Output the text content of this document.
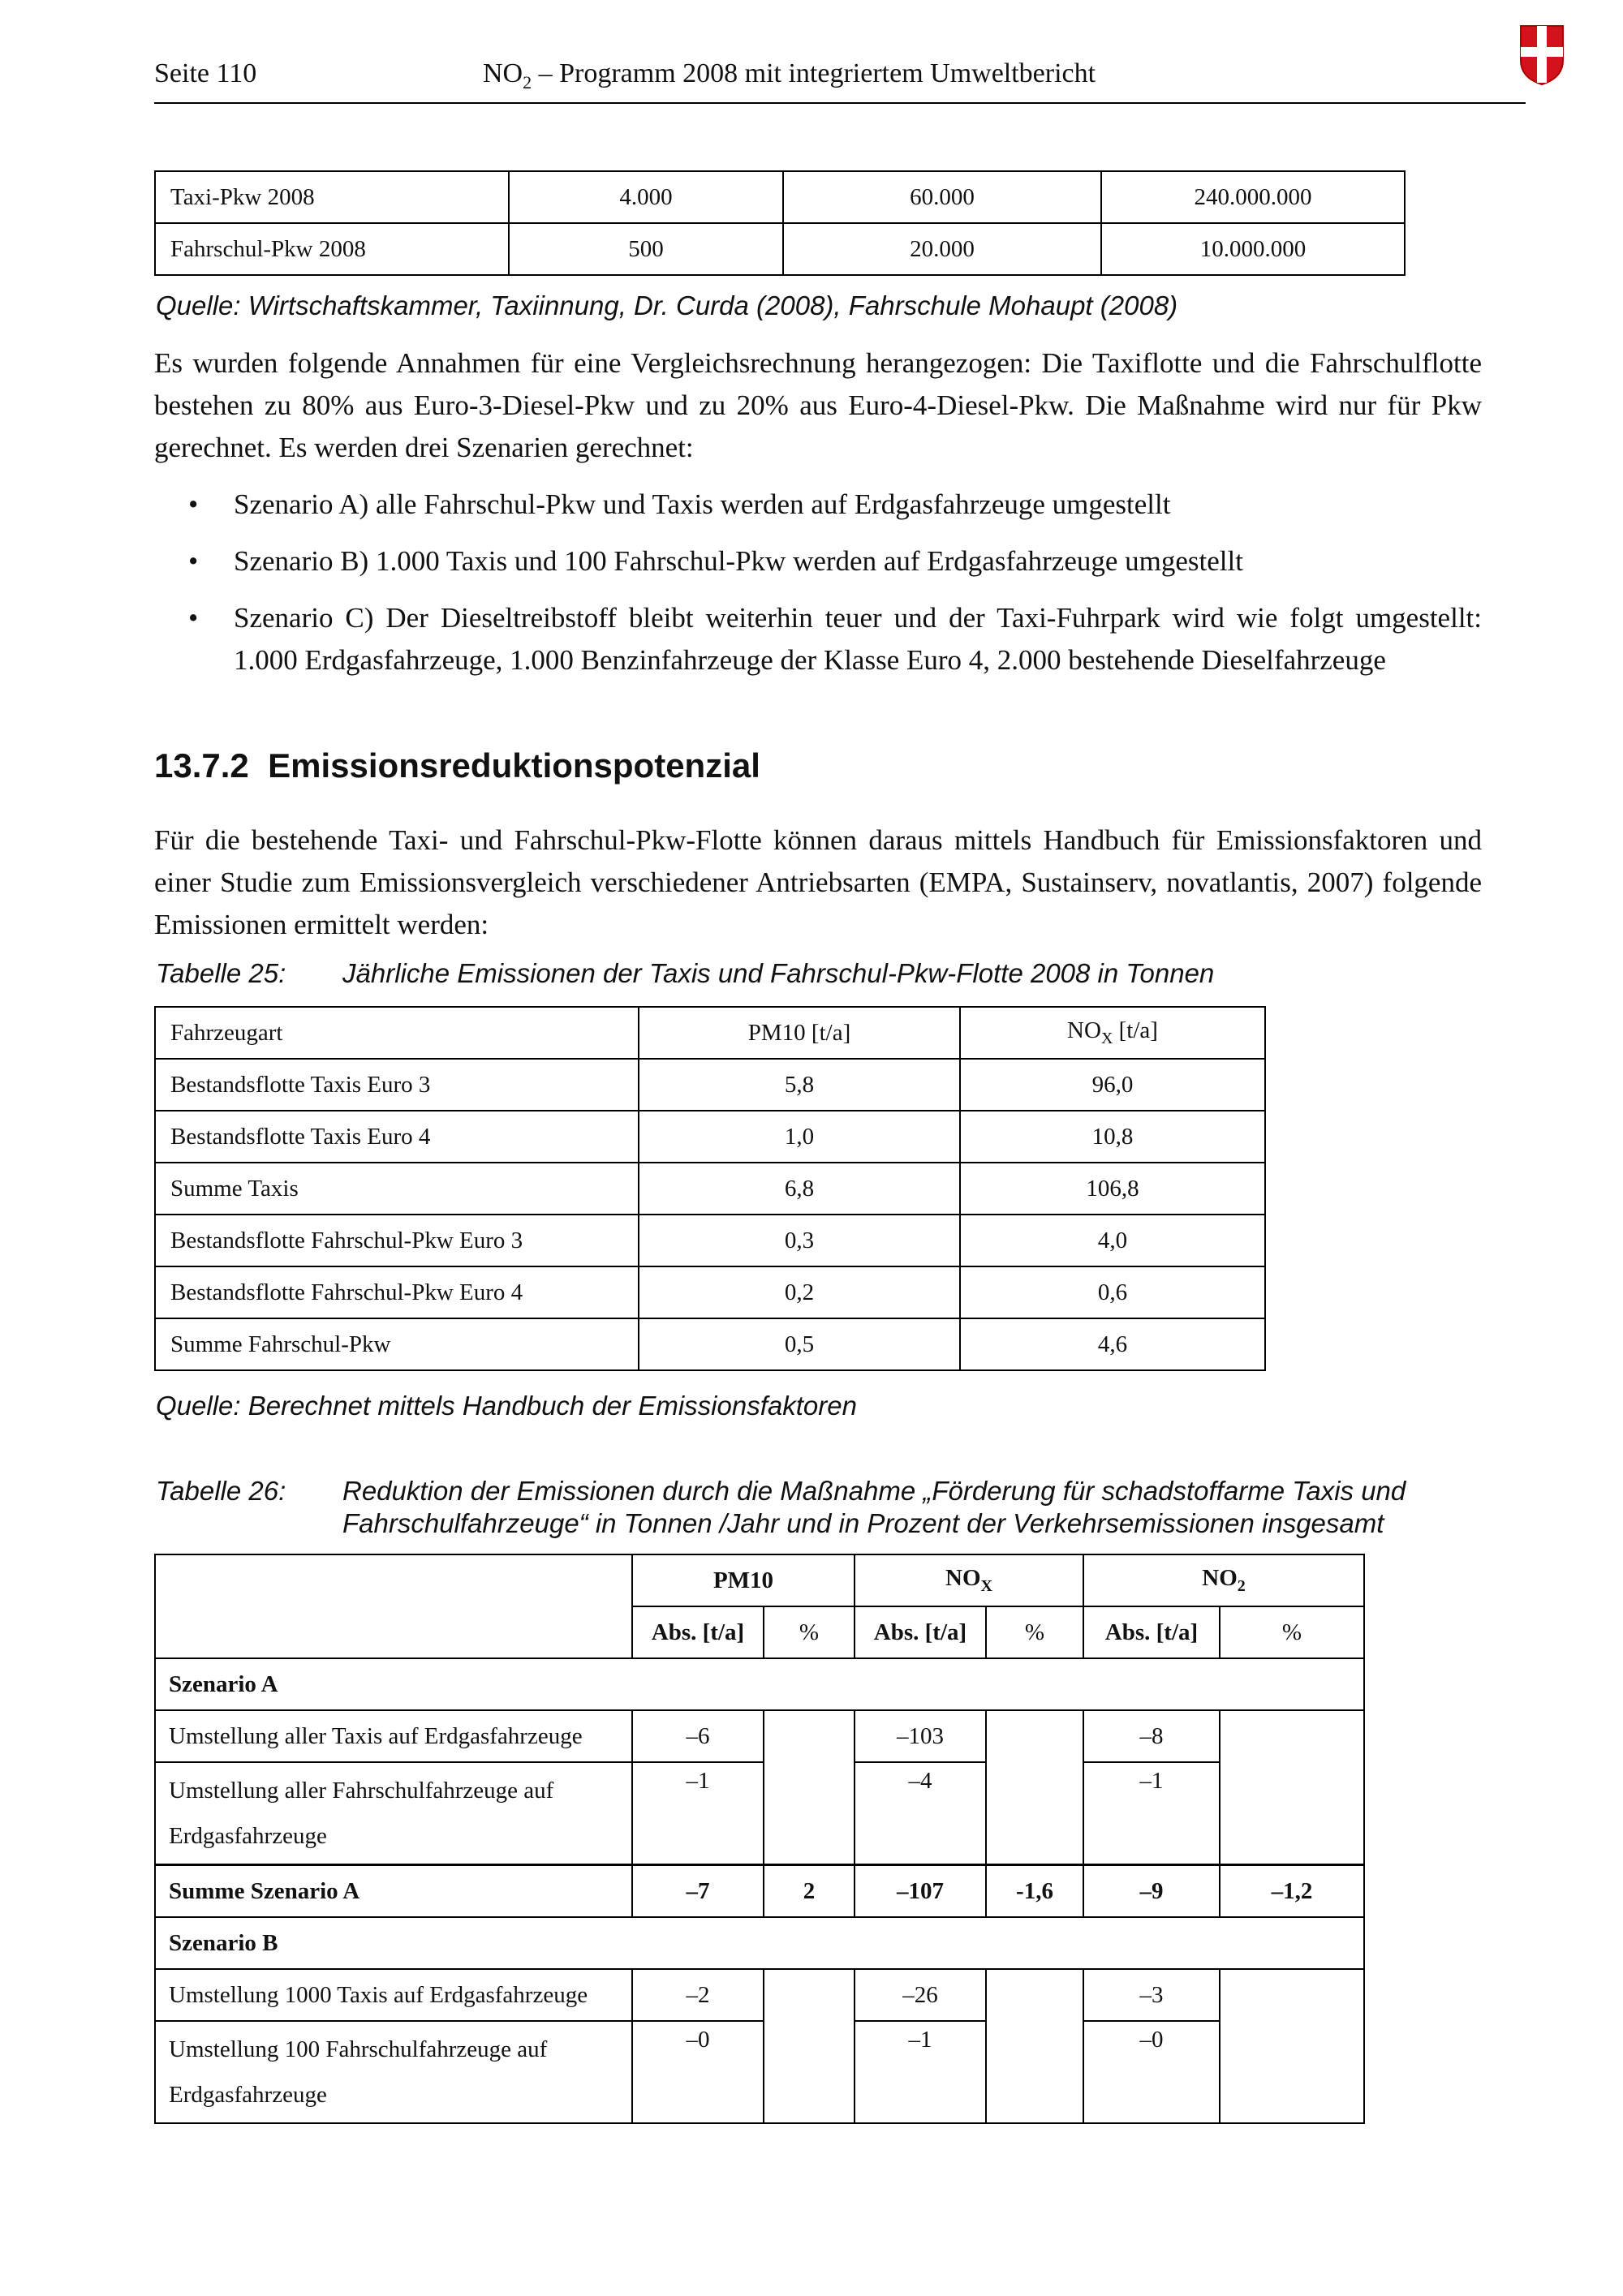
Seite 110	$NO_2$ – Programm 2008 mit integriertem Umweltbericht
Taxi-Pkw 2008	4.000	60.000	240.000.000
Fahrschul-Pkw 2008	500	20.000	10.000.000
Quelle: Wirtschaftskammer, Taxiinnung, Dr. Curda (2008), Fahrschule Mohaupt (2008)
Es wurden folgende Annahmen für eine Vergleichsrechnung herangezogen: Die Taxiflotte und die Fahrschulflotte bestehen zu 80% aus Euro-3-Diesel-Pkw und zu 20% aus Euro-4-Diesel-Pkw. Die Maßnahme wird nur für Pkw gerechnet. Es werden drei Szenarien gerechnet:
• Szenario A) alle Fahrschul-Pkw und Taxis werden auf Erdgasfahrzeuge umgestellt
• Szenario B) 1.000 Taxis und 100 Fahrschul-Pkw werden auf Erdgasfahrzeuge umgestellt
• Szenario C) Der Dieseltreibstoff bleibt weiterhin teuer und der Taxi-Fuhrpark wird wie folgt umgestellt: 1.000 Erdgasfahrzeuge, 1.000 Benzinfahrzeuge der Klasse Euro 4, 2.000 bestehende Dieselfahrzeuge
13.7.2 Emissionsreduktionspotenzial
Für die bestehende Taxi- und Fahrschul-Pkw-Flotte können daraus mittels Handbuch für Emissionsfaktoren und einer Studie zum Emissionsvergleich verschiedener Antriebsarten (EMPA, Sustainserv, novatlantis, 2007) folgende Emissionen ermittelt werden:
Tabelle 25: Jährliche Emissionen der Taxis und Fahrschul-Pkw-Flotte 2008 in Tonnen
Fahrzeugart	PM10 [t/a]	$NO_X$ [t/a]
Bestandsflotte Taxis Euro 3	5,8	96,0
Bestandsflotte Taxis Euro 4	1,0	10,8
Summe Taxis	6,8	106,8
Bestandsflotte Fahrschul-Pkw Euro 3	0,3	4,0
Bestandsflotte Fahrschul-Pkw Euro 4	0,2	0,6
Summe Fahrschul-Pkw	0,5	4,6
Quelle: Berechnet mittels Handbuch der Emissionsfaktoren
Tabelle 26: Reduktion der Emissionen durch die Maßnahme „Förderung für schadstoffarme Taxis und
Fahrschulfahrzeuge“ in Tonnen /Jahr und in Prozent der Verkehrsemissionen insgesamt
	PM10		$NO_X$		$NO_2$
	Abs. [t/a]	%	Abs. [t/a]	%	Abs. [t/a]	%
Szenario A						
Umstellung aller Taxis auf Erdgasfahrzeuge	–6		–103		–8	
Umstellung aller Fahrschulfahrzeuge auf Erdgasfahrzeuge	–1		–4		–1	
Summe Szenario A	–7	2	–107	-1,6	–9	–1,2
Szenario B						
Umstellung 1000 Taxis auf Erdgasfahrzeuge	–2		–26		–3	
Umstellung 100 Fahrschulfahrzeuge auf Erdgasfahrzeuge	–0		–1		–0	
